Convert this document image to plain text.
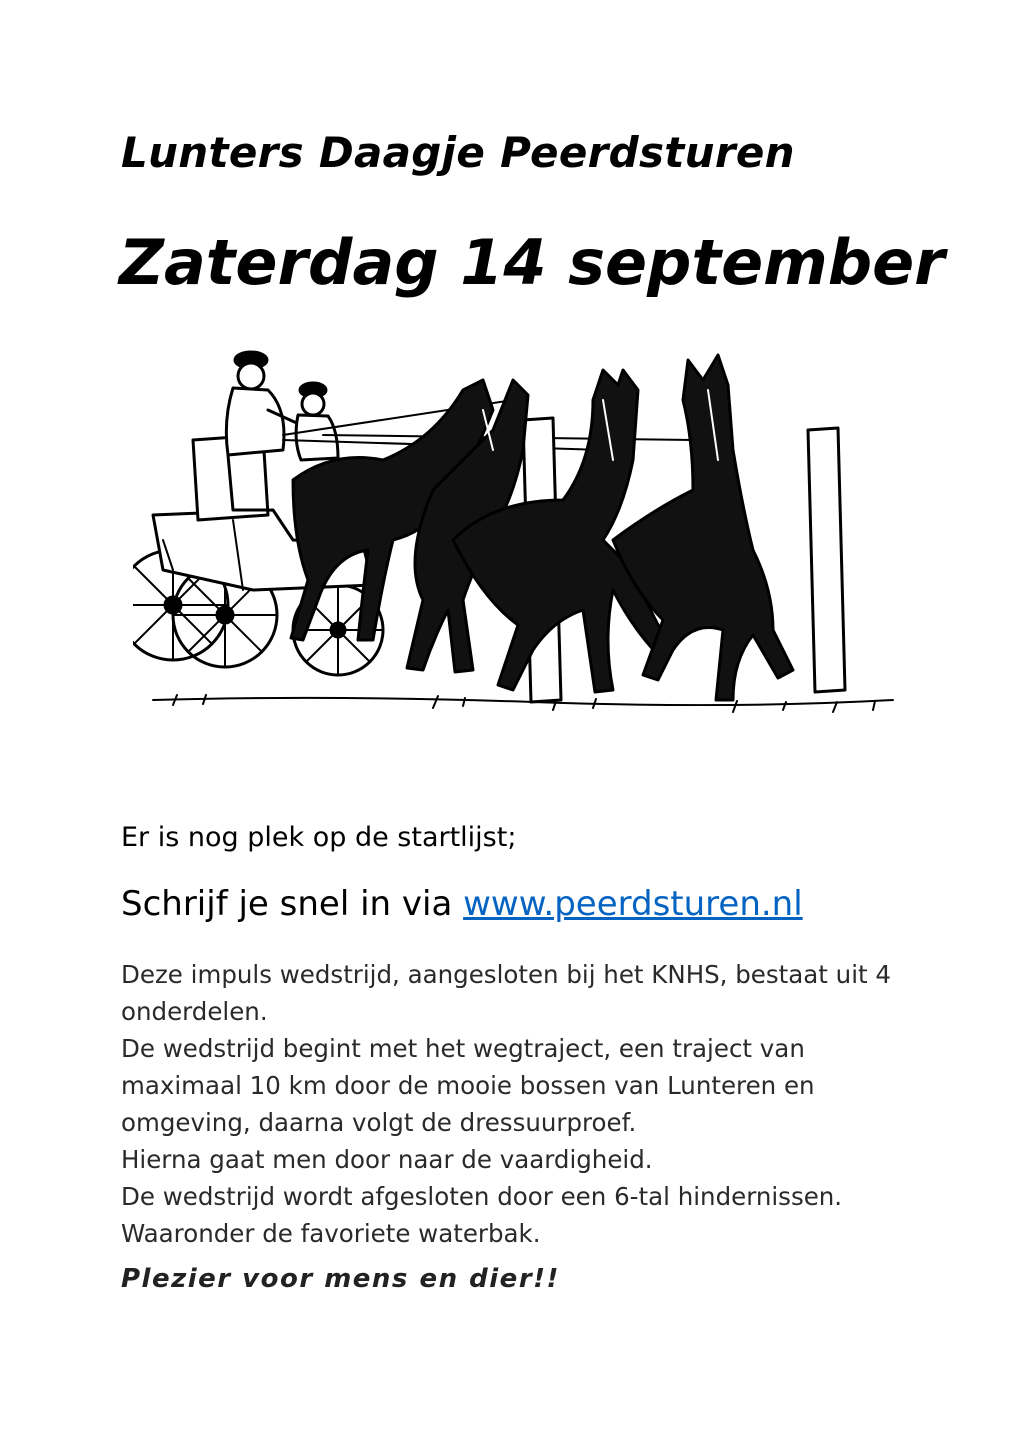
Lunters Daagje Peerdsturen
Zaterdag 14 september

Er is nog plek op de startlijst;

Schrijf je snel in via www.peerdsturen.nl

Deze impuls wedstrijd, aangesloten bij het KNHS, bestaat uit 4
onderdelen.
De wedstrijd begint met het wegtraject, een traject van
maximaal 10 km door de mooie bossen van Lunteren en
omgeving, daarna volgt de dressuurproef.
Hierna gaat men door naar de vaardigheid.
De wedstrijd wordt afgesloten door een 6-tal hindernissen.
Waaronder de favoriete waterbak.

Plezier voor mens en dier!!
